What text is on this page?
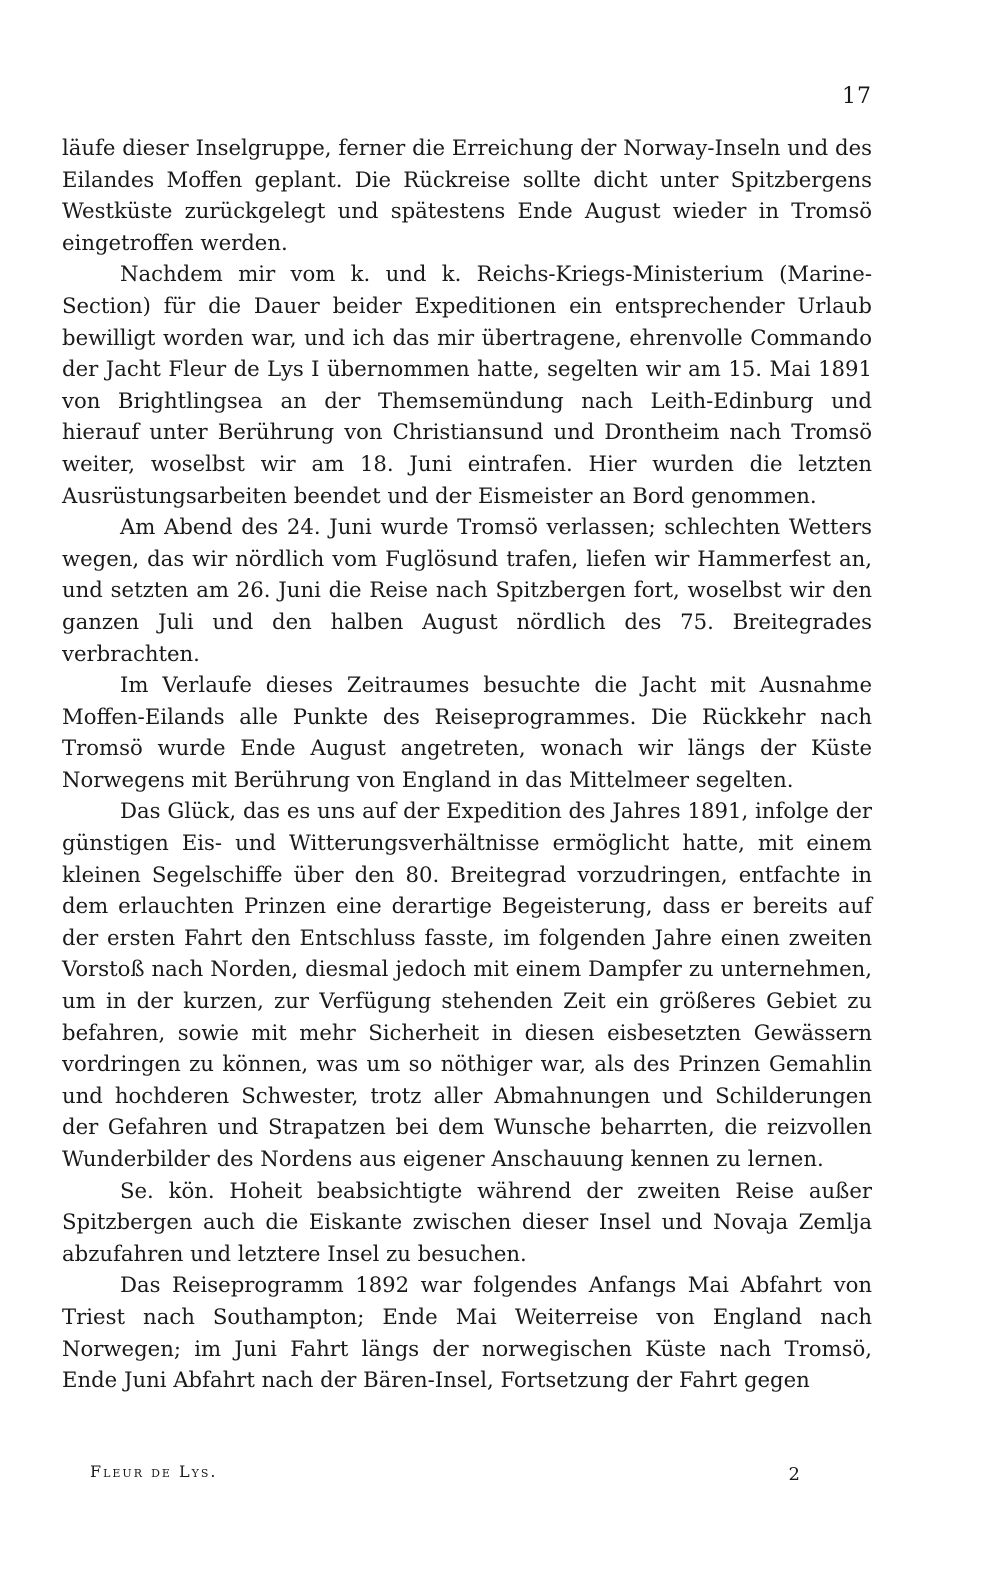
17

läufe dieser Inselgruppe, ferner die Erreichung der Norway-Inseln und des Eilandes Moffen geplant. Die Rückreise sollte dicht unter Spitzbergens Westküste zurückgelegt und spätestens Ende August wieder in Tromsö eingetroffen werden.

Nachdem mir vom k. und k. Reichs-Kriegs-Ministerium (Marine-Section) für die Dauer beider Expeditionen ein entsprechender Urlaub bewilligt worden war, und ich das mir übertragene, ehrenvolle Commando der Jacht Fleur de Lys I übernommen hatte, segelten wir am 15. Mai 1891 von Brightlingsea an der Themsemündung nach Leith-Edinburg und hierauf unter Berührung von Christiansund und Drontheim nach Tromsö weiter, woselbst wir am 18. Juni eintrafen. Hier wurden die letzten Ausrüstungsarbeiten beendet und der Eismeister an Bord genommen.

Am Abend des 24. Juni wurde Tromsö verlassen; schlechten Wetters wegen, das wir nördlich vom Fuglösund trafen, liefen wir Hammerfest an, und setzten am 26. Juni die Reise nach Spitzbergen fort, woselbst wir den ganzen Juli und den halben August nördlich des 75. Breitegrades verbrachten.

Im Verlaufe dieses Zeitraumes besuchte die Jacht mit Ausnahme Moffen-Eilands alle Punkte des Reiseprogrammes. Die Rückkehr nach Tromsö wurde Ende August angetreten, wonach wir längs der Küste Norwegens mit Berührung von England in das Mittelmeer segelten.

Das Glück, das es uns auf der Expedition des Jahres 1891, infolge der günstigen Eis- und Witterungsverhältnisse ermöglicht hatte, mit einem kleinen Segelschiffe über den 80. Breitegrad vorzudringen, entfachte in dem erlauchten Prinzen eine derartige Begeisterung, dass er bereits auf der ersten Fahrt den Entschluss fasste, im folgenden Jahre einen zweiten Vorstoß nach Norden, diesmal jedoch mit einem Dampfer zu unternehmen, um in der kurzen, zur Verfügung stehenden Zeit ein größeres Gebiet zu befahren, sowie mit mehr Sicherheit in diesen eisbesetzten Gewässern vordringen zu können, was um so nöthiger war, als des Prinzen Gemahlin und hochderen Schwester, trotz aller Abmahnungen und Schilderungen der Gefahren und Strapatzen bei dem Wunsche beharrten, die reizvollen Wunderbilder des Nordens aus eigener Anschauung kennen zu lernen.

Se. kön. Hoheit beabsichtigte während der zweiten Reise außer Spitzbergen auch die Eiskante zwischen dieser Insel und Novaja Zemlja abzufahren und letztere Insel zu besuchen.

Das Reiseprogramm 1892 war folgendes Anfangs Mai Abfahrt von Triest nach Southampton; Ende Mai Weiterreise von England nach Norwegen; im Juni Fahrt längs der norwegischen Küste nach Tromsö, Ende Juni Abfahrt nach der Bären-Insel, Fortsetzung der Fahrt gegen

Fleur de Lys.	2
